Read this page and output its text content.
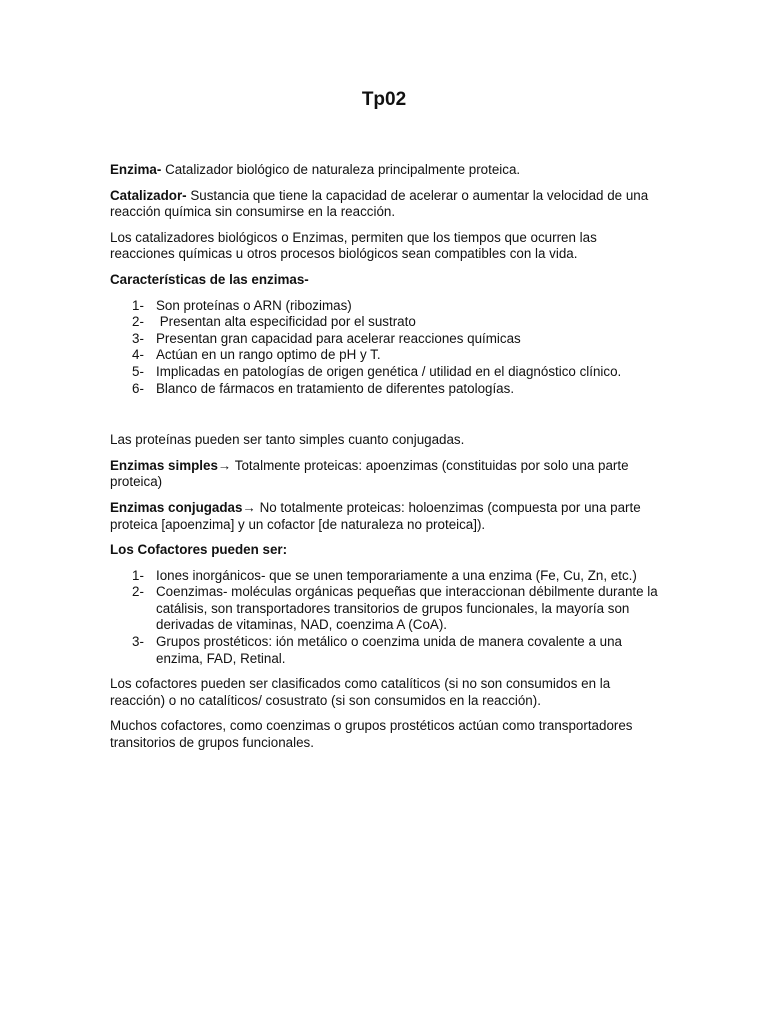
Tp02

Enzima- Catalizador biológico de naturaleza principalmente proteica.

Catalizador- Sustancia que tiene la capacidad de acelerar o aumentar la velocidad de una reacción química sin consumirse en la reacción.

Los catalizadores biológicos o Enzimas, permiten que los tiempos que ocurren las reacciones químicas u otros procesos biológicos sean compatibles con la vida.

Características de las enzimas-

1- Son proteínas o ARN (ribozimas)
2- Presentan alta especificidad por el sustrato
3- Presentan gran capacidad para acelerar reacciones químicas
4- Actúan en un rango optimo de pH y T.
5- Implicadas en patologías de origen genética / utilidad en el diagnóstico clínico.
6- Blanco de fármacos en tratamiento de diferentes patologías.

Las proteínas pueden ser tanto simples cuanto conjugadas.

Enzimas simples→ Totalmente proteicas: apoenzimas (constituidas por solo una parte proteica)

Enzimas conjugadas→ No totalmente proteicas: holoenzimas (compuesta por una parte proteica [apoenzima] y un cofactor [de naturaleza no proteica]).

Los Cofactores pueden ser:

1- Iones inorgánicos- que se unen temporariamente a una enzima (Fe, Cu, Zn, etc.)
2- Coenzimas- moléculas orgánicas pequeñas que interaccionan débilmente durante la catálisis, son transportadores transitorios de grupos funcionales, la mayoría son derivadas de vitaminas, NAD, coenzima A (CoA).
3- Grupos prostéticos: ión metálico o coenzima unida de manera covalente a una enzima, FAD, Retinal.

Los cofactores pueden ser clasificados como catalíticos (si no son consumidos en la reacción) o no catalíticos/ cosustrato (si son consumidos en la reacción).

Muchos cofactores, como coenzimas o grupos prostéticos actúan como transportadores transitorios de grupos funcionales.
